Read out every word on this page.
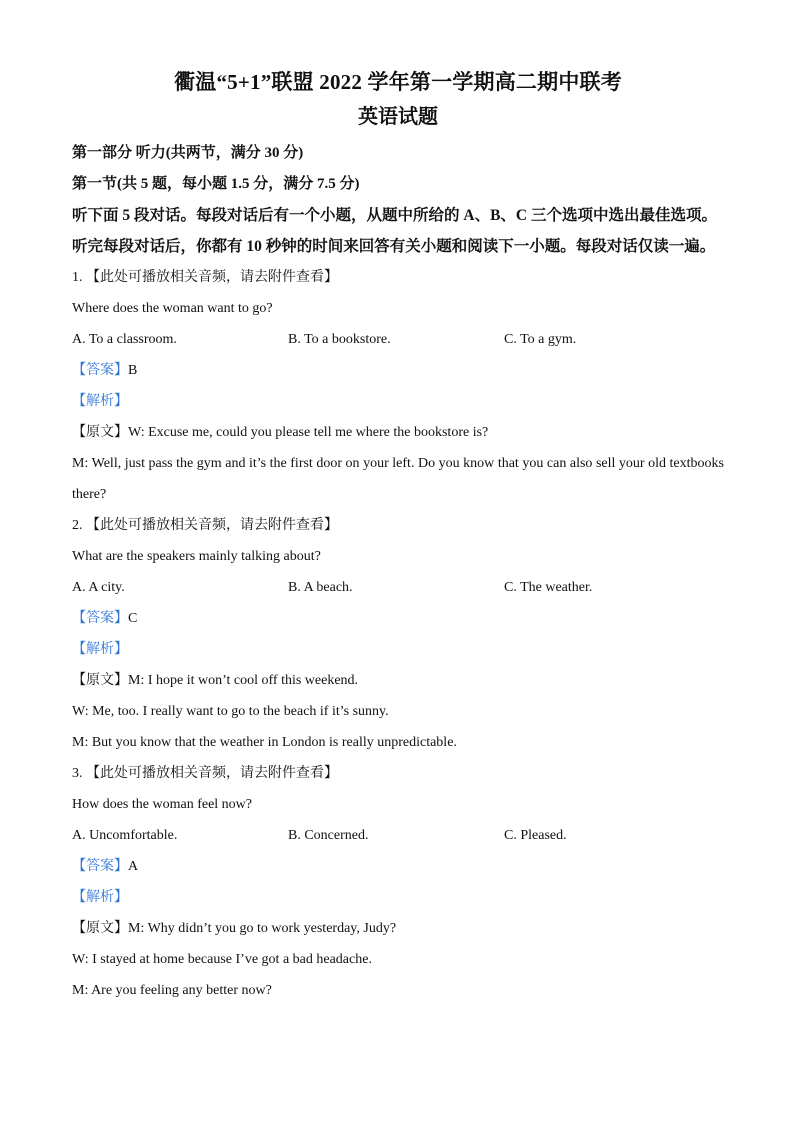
衢温“5+1”联盟 2022 学年第一学期高二期中联考
英语试题

第一部分 听力(共两节，满分 30 分)

第一节(共 5 题，每小题 1.5 分，满分 7.5 分)

听下面 5 段对话。每段对话后有一个小题，从题中所给的 A、B、C 三个选项中选出最佳选项。听完每段对话后，你都有 10 秒钟的时间来回答有关小题和阅读下一小题。每段对话仅读一遍。

1. 【此处可播放相关音频，请去附件查看】

Where does the woman want to go?

A. To a classroom.	B. To a bookstore.	C. To a gym.

【答案】B

【解析】

【原文】W: Excuse me, could you please tell me where the bookstore is?

M: Well, just pass the gym and it’s the first door on your left. Do you know that you can also sell your old textbooks there?

2. 【此处可播放相关音频，请去附件查看】

What are the speakers mainly talking about?

A. A city.	B. A beach.	C. The weather.

【答案】C

【解析】

【原文】M: I hope it won’t cool off this weekend.

W: Me, too. I really want to go to the beach if it’s sunny.

M: But you know that the weather in London is really unpredictable.

3. 【此处可播放相关音频，请去附件查看】

How does the woman feel now?

A. Uncomfortable.	B. Concerned.	C. Pleased.

【答案】A

【解析】

【原文】M: Why didn’t you go to work yesterday, Judy?

W: I stayed at home because I’ve got a bad headache.

M: Are you feeling any better now?
